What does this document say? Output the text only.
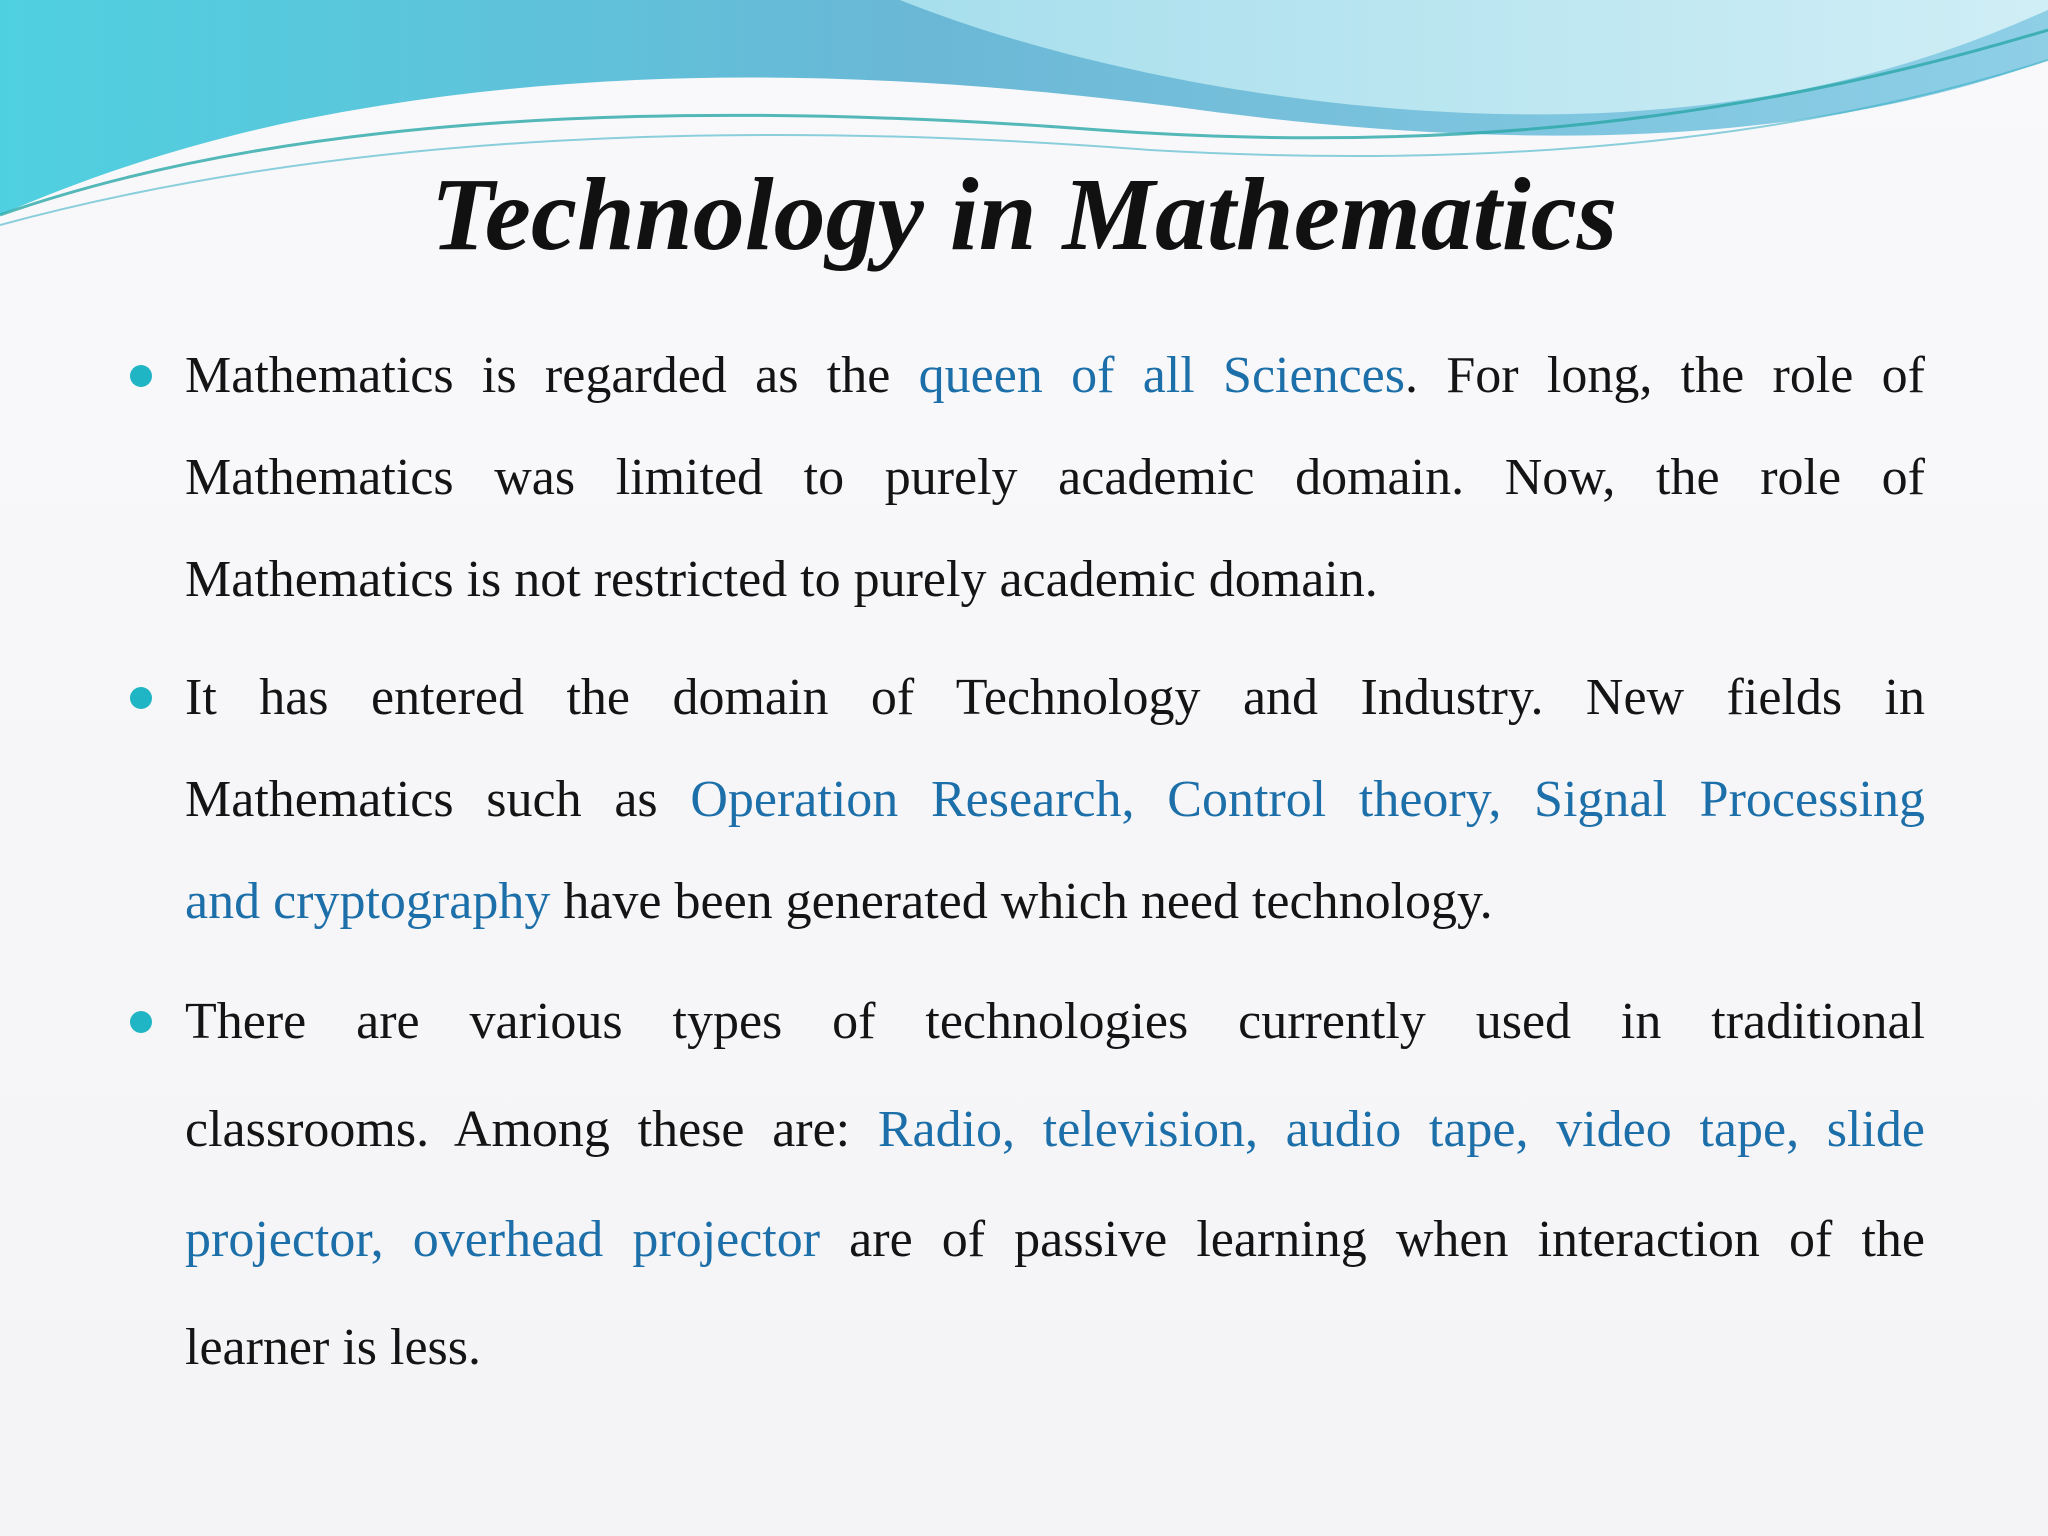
Technology in Mathematics
Mathematics is regarded as the queen of all Sciences. For long, the role of
Mathematics was limited to purely academic domain. Now, the role of
Mathematics is not restricted to purely academic domain.
It has entered the domain of Technology and Industry. New fields in
Mathematics such as Operation Research, Control theory, Signal Processing
and cryptography have been generated which need technology.
There are various types of technologies currently used in traditional
classrooms. Among these are: Radio, television, audio tape, video tape, slide
projector, overhead projector are of passive learning when interaction of the
learner is less.
